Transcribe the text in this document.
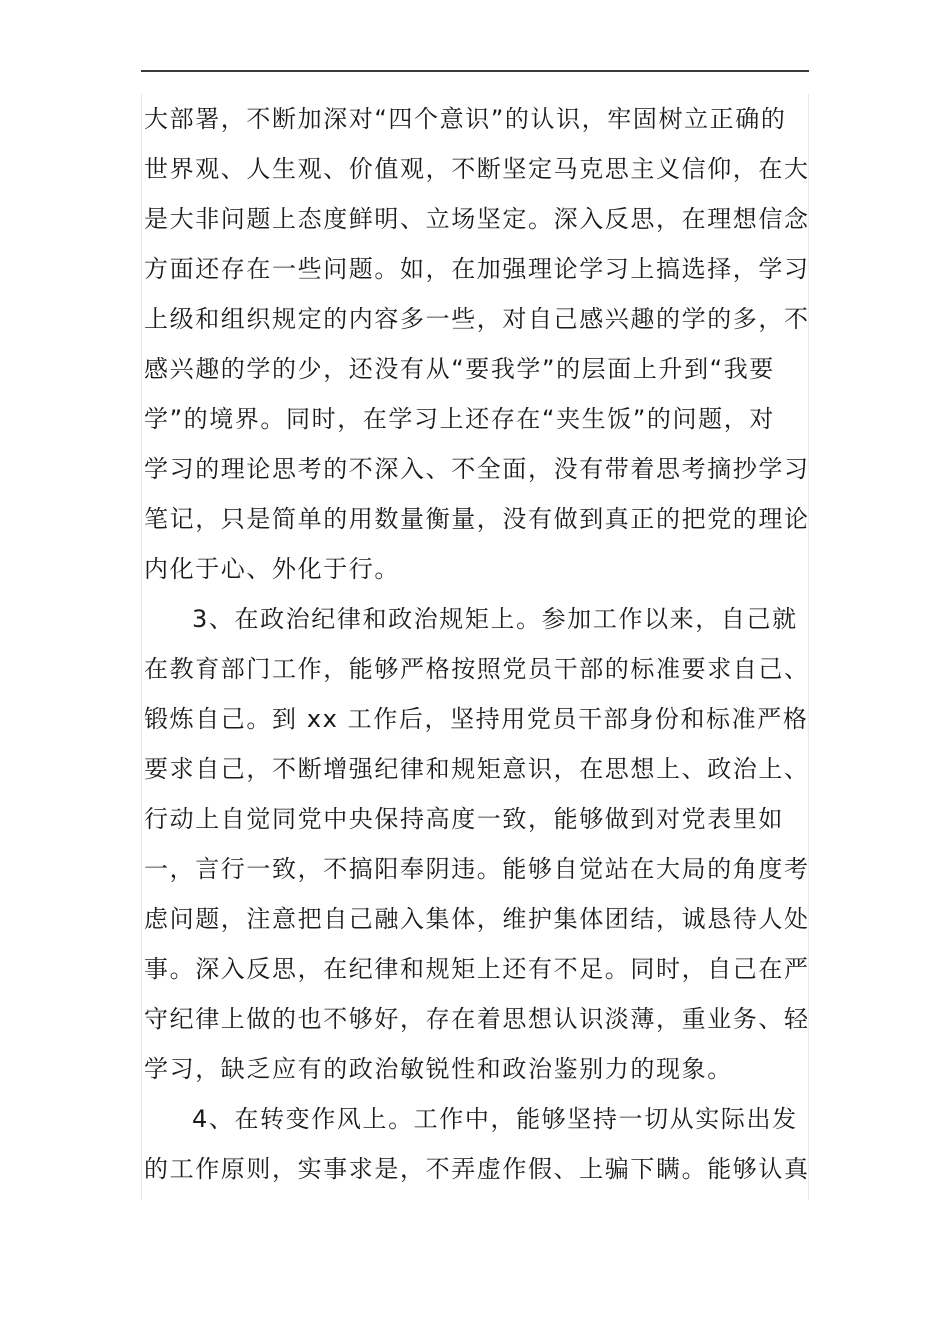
大部署，不断加深对“四个意识”的认识，牢固树立正确的
世界观、人生观、价值观，不断坚定马克思主义信仰，在大
是大非问题上态度鲜明、立场坚定。深入反思，在理想信念
方面还存在一些问题。如，在加强理论学习上搞选择，学习
上级和组织规定的内容多一些，对自己感兴趣的学的多，不
感兴趣的学的少，还没有从“要我学”的层面上升到“我要
学”的境界。同时，在学习上还存在“夹生饭”的问题，对
学习的理论思考的不深入、不全面，没有带着思考摘抄学习
笔记，只是简单的用数量衡量，没有做到真正的把党的理论
内化于心、外化于行。
3、在政治纪律和政治规矩上。参加工作以来，自己就
在教育部门工作，能够严格按照党员干部的标准要求自己、
锻炼自己。到 xx 工作后，坚持用党员干部身份和标准严格
要求自己，不断增强纪律和规矩意识，在思想上、政治上、
行动上自觉同党中央保持高度一致，能够做到对党表里如
一，言行一致，不搞阳奉阴违。能够自觉站在大局的角度考
虑问题，注意把自己融入集体，维护集体团结，诚恳待人处
事。深入反思，在纪律和规矩上还有不足。同时，自己在严
守纪律上做的也不够好，存在着思想认识淡薄，重业务、轻
学习，缺乏应有的政治敏锐性和政治鉴别力的现象。
4、在转变作风上。工作中，能够坚持一切从实际出发
的工作原则，实事求是，不弄虚作假、上骗下瞒。能够认真
